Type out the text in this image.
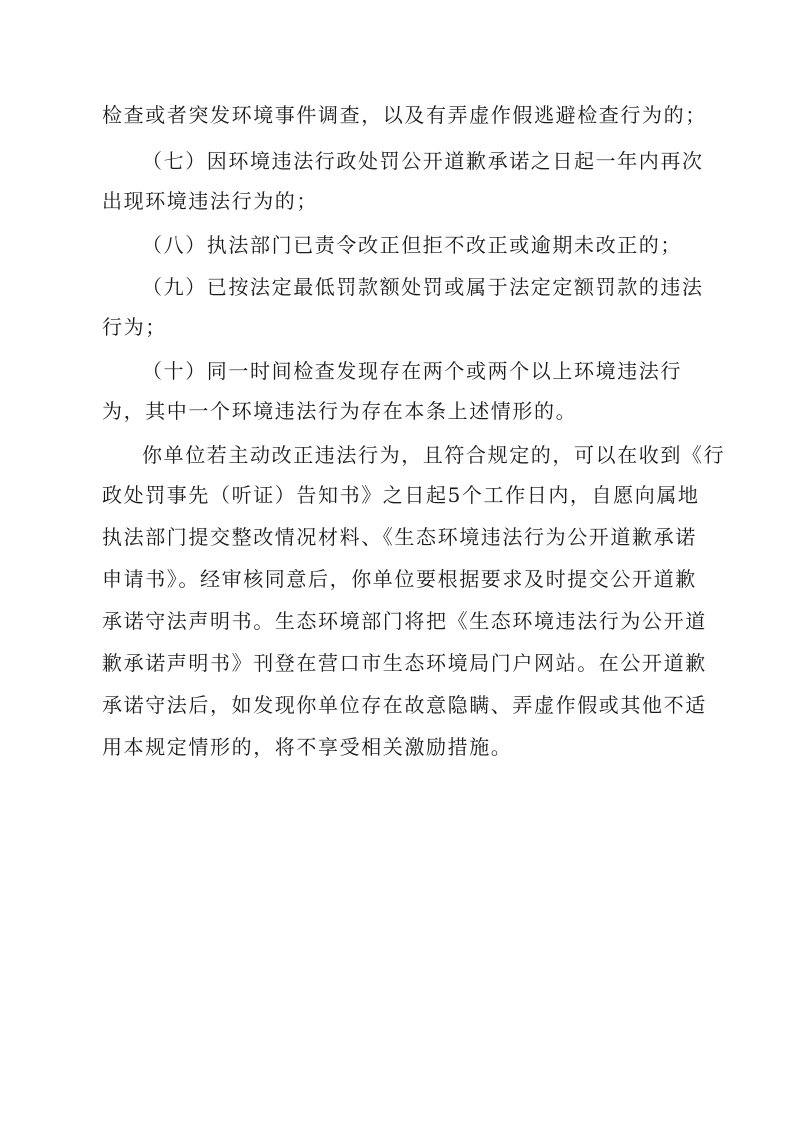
检查或者突发环境事件调查，以及有弄虚作假逃避检查行为的；
（七）因环境违法行政处罚公开道歉承诺之日起一年内再次
出现环境违法行为的；
（八）执法部门已责令改正但拒不改正或逾期未改正的；
（九）已按法定最低罚款额处罚或属于法定定额罚款的违法
行为；
（十）同一时间检查发现存在两个或两个以上环境违法行
为，其中一个环境违法行为存在本条上述情形的。
你单位若主动改正违法行为，且符合规定的，可以在收到《行
政处罚事先（听证）告知书》之日起5个工作日内，自愿向属地
执法部门提交整改情况材料、《生态环境违法行为公开道歉承诺
申请书》。经审核同意后，你单位要根据要求及时提交公开道歉
承诺守法声明书。生态环境部门将把《生态环境违法行为公开道
歉承诺声明书》刊登在营口市生态环境局门户网站。在公开道歉
承诺守法后，如发现你单位存在故意隐瞒、弄虚作假或其他不适
用本规定情形的，将不享受相关激励措施。
